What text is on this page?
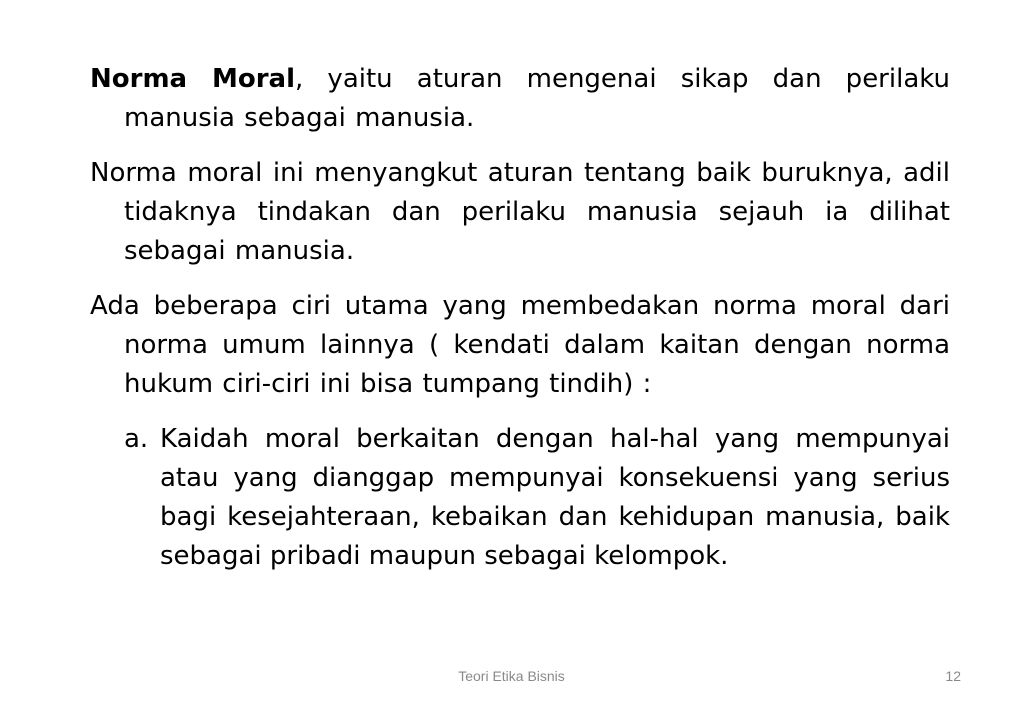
Norma Moral, yaitu aturan mengenai sikap dan perilaku manusia sebagai manusia.

Norma moral ini menyangkut aturan tentang baik buruknya, adil tidaknya tindakan dan perilaku manusia sejauh ia dilihat sebagai manusia.

Ada beberapa ciri utama yang membedakan norma moral dari norma umum lainnya ( kendati dalam kaitan dengan norma hukum ciri-ciri ini bisa tumpang tindih) :

a. Kaidah moral berkaitan dengan hal-hal yang mempunyai atau yang dianggap mempunyai konsekuensi yang serius bagi kesejahteraan, kebaikan dan kehidupan manusia, baik sebagai pribadi maupun sebagai kelompok.
Teori Etika Bisnis	12
